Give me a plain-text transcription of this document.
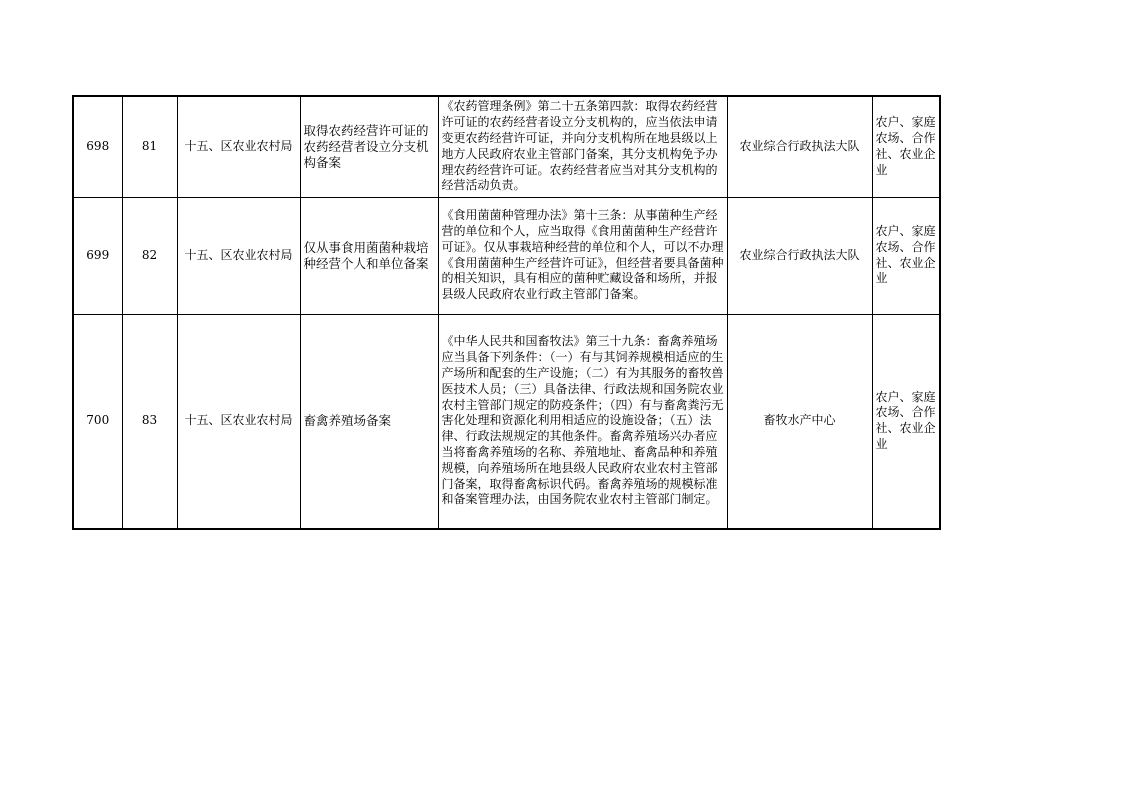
698	81	十五、区农业农村局	取得农药经营许可证的农药经营者设立分支机构备案	《农药管理条例》第二十五条第四款：取得农药经营许可证的农药经营者设立分支机构的，应当依法申请变更农药经营许可证，并向分支机构所在地县级以上地方人民政府农业主管部门备案，其分支机构免予办理农药经营许可证。农药经营者应当对其分支机构的经营活动负责。	农业综合行政执法大队	农户、家庭农场、合作社、农业企业
699	82	十五、区农业农村局	仅从事食用菌菌种栽培种经营个人和单位备案	《食用菌菌种管理办法》第十三条：从事菌种生产经营的单位和个人，应当取得《食用菌菌种生产经营许可证》。仅从事栽培种经营的单位和个人，可以不办理《食用菌菌种生产经营许可证》，但经营者要具备菌种的相关知识，具有相应的菌种贮藏设备和场所，并报县级人民政府农业行政主管部门备案。	农业综合行政执法大队	农户、家庭农场、合作社、农业企业
700	83	十五、区农业农村局	畜禽养殖场备案	《中华人民共和国畜牧法》第三十九条：畜禽养殖场应当具备下列条件：（一）有与其饲养规模相适应的生产场所和配套的生产设施；（二）有为其服务的畜牧兽医技术人员；（三）具备法律、行政法规和国务院农业农村主管部门规定的防疫条件；（四）有与畜禽粪污无害化处理和资源化利用相适应的设施设备；（五）法律、行政法规规定的其他条件。畜禽养殖场兴办者应当将畜禽养殖场的名称、养殖地址、畜禽品种和养殖规模，向养殖场所在地县级人民政府农业农村主管部门备案，取得畜禽标识代码。畜禽养殖场的规模标准和备案管理办法，由国务院农业农村主管部门制定。	畜牧水产中心	农户、家庭农场、合作社、农业企业
